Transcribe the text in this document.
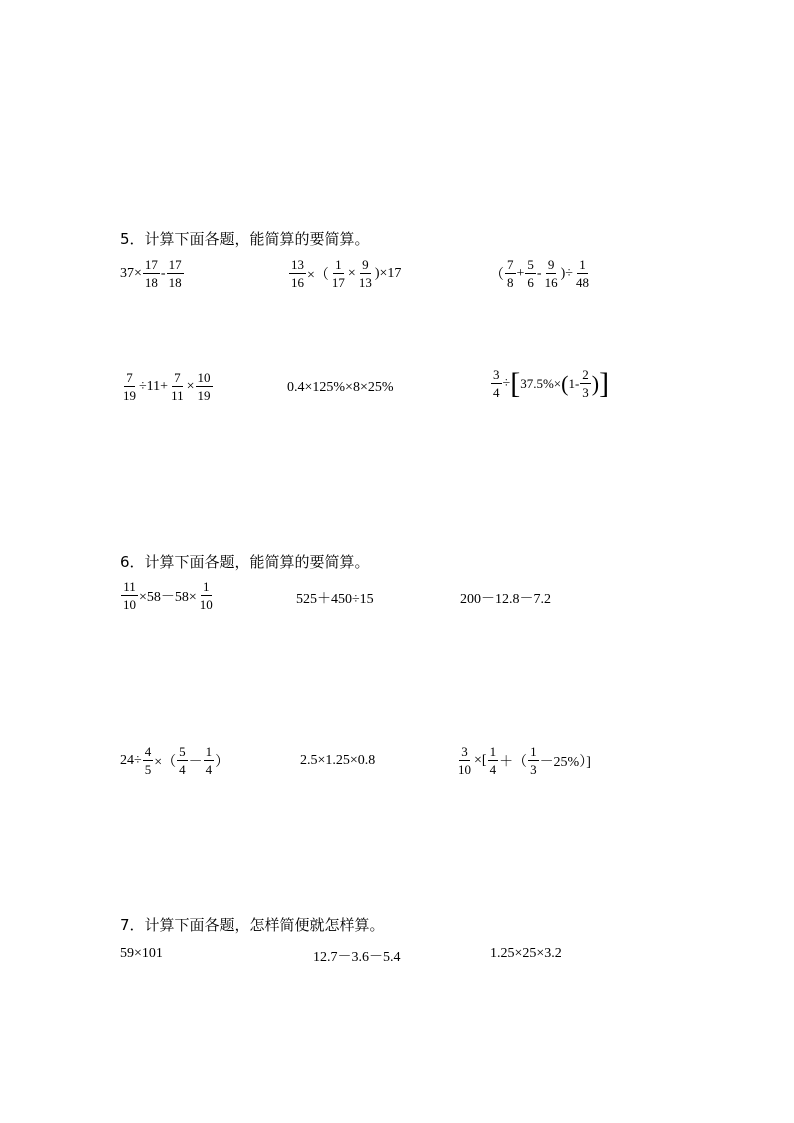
5．计算下面各题，能简算的要简算。
$37\times \frac{17}{18} - \frac{17}{18}$	$\frac{13}{16}$ ×（ $\frac{1}{17} \times \frac{9}{13} )\times 17$	（ $\frac{7}{8} + \frac{5}{6} - \frac{9}{16}$ )÷ $\frac{1}{48}$
$\frac{7}{19} \div 11+ \frac{7}{11} \times \frac{10}{19}$	0.4×125%×8×25%	$\frac{3}{4}$ ÷ [ 37.5%× ( $1- \frac{2}{3}$ ) ]
6．计算下面各题，能简算的要简算。
$\frac{11}{10} \times 58-58\times \frac{1}{10}$	525＋450÷15	200－12.8－7.2
$24\div \frac{4}{5}$ ×（ $\frac{5}{4} - \frac{1}{4}$ ）	2.5×1.25×0.8	$\frac{3}{10}$ ×[ $\frac{1}{4}$ ＋（ $\frac{1}{3} -25\%$）]
7．计算下面各题，怎样简便就怎样算。
59×101	12.7－3.6－5.4	1.25×25×3.2
